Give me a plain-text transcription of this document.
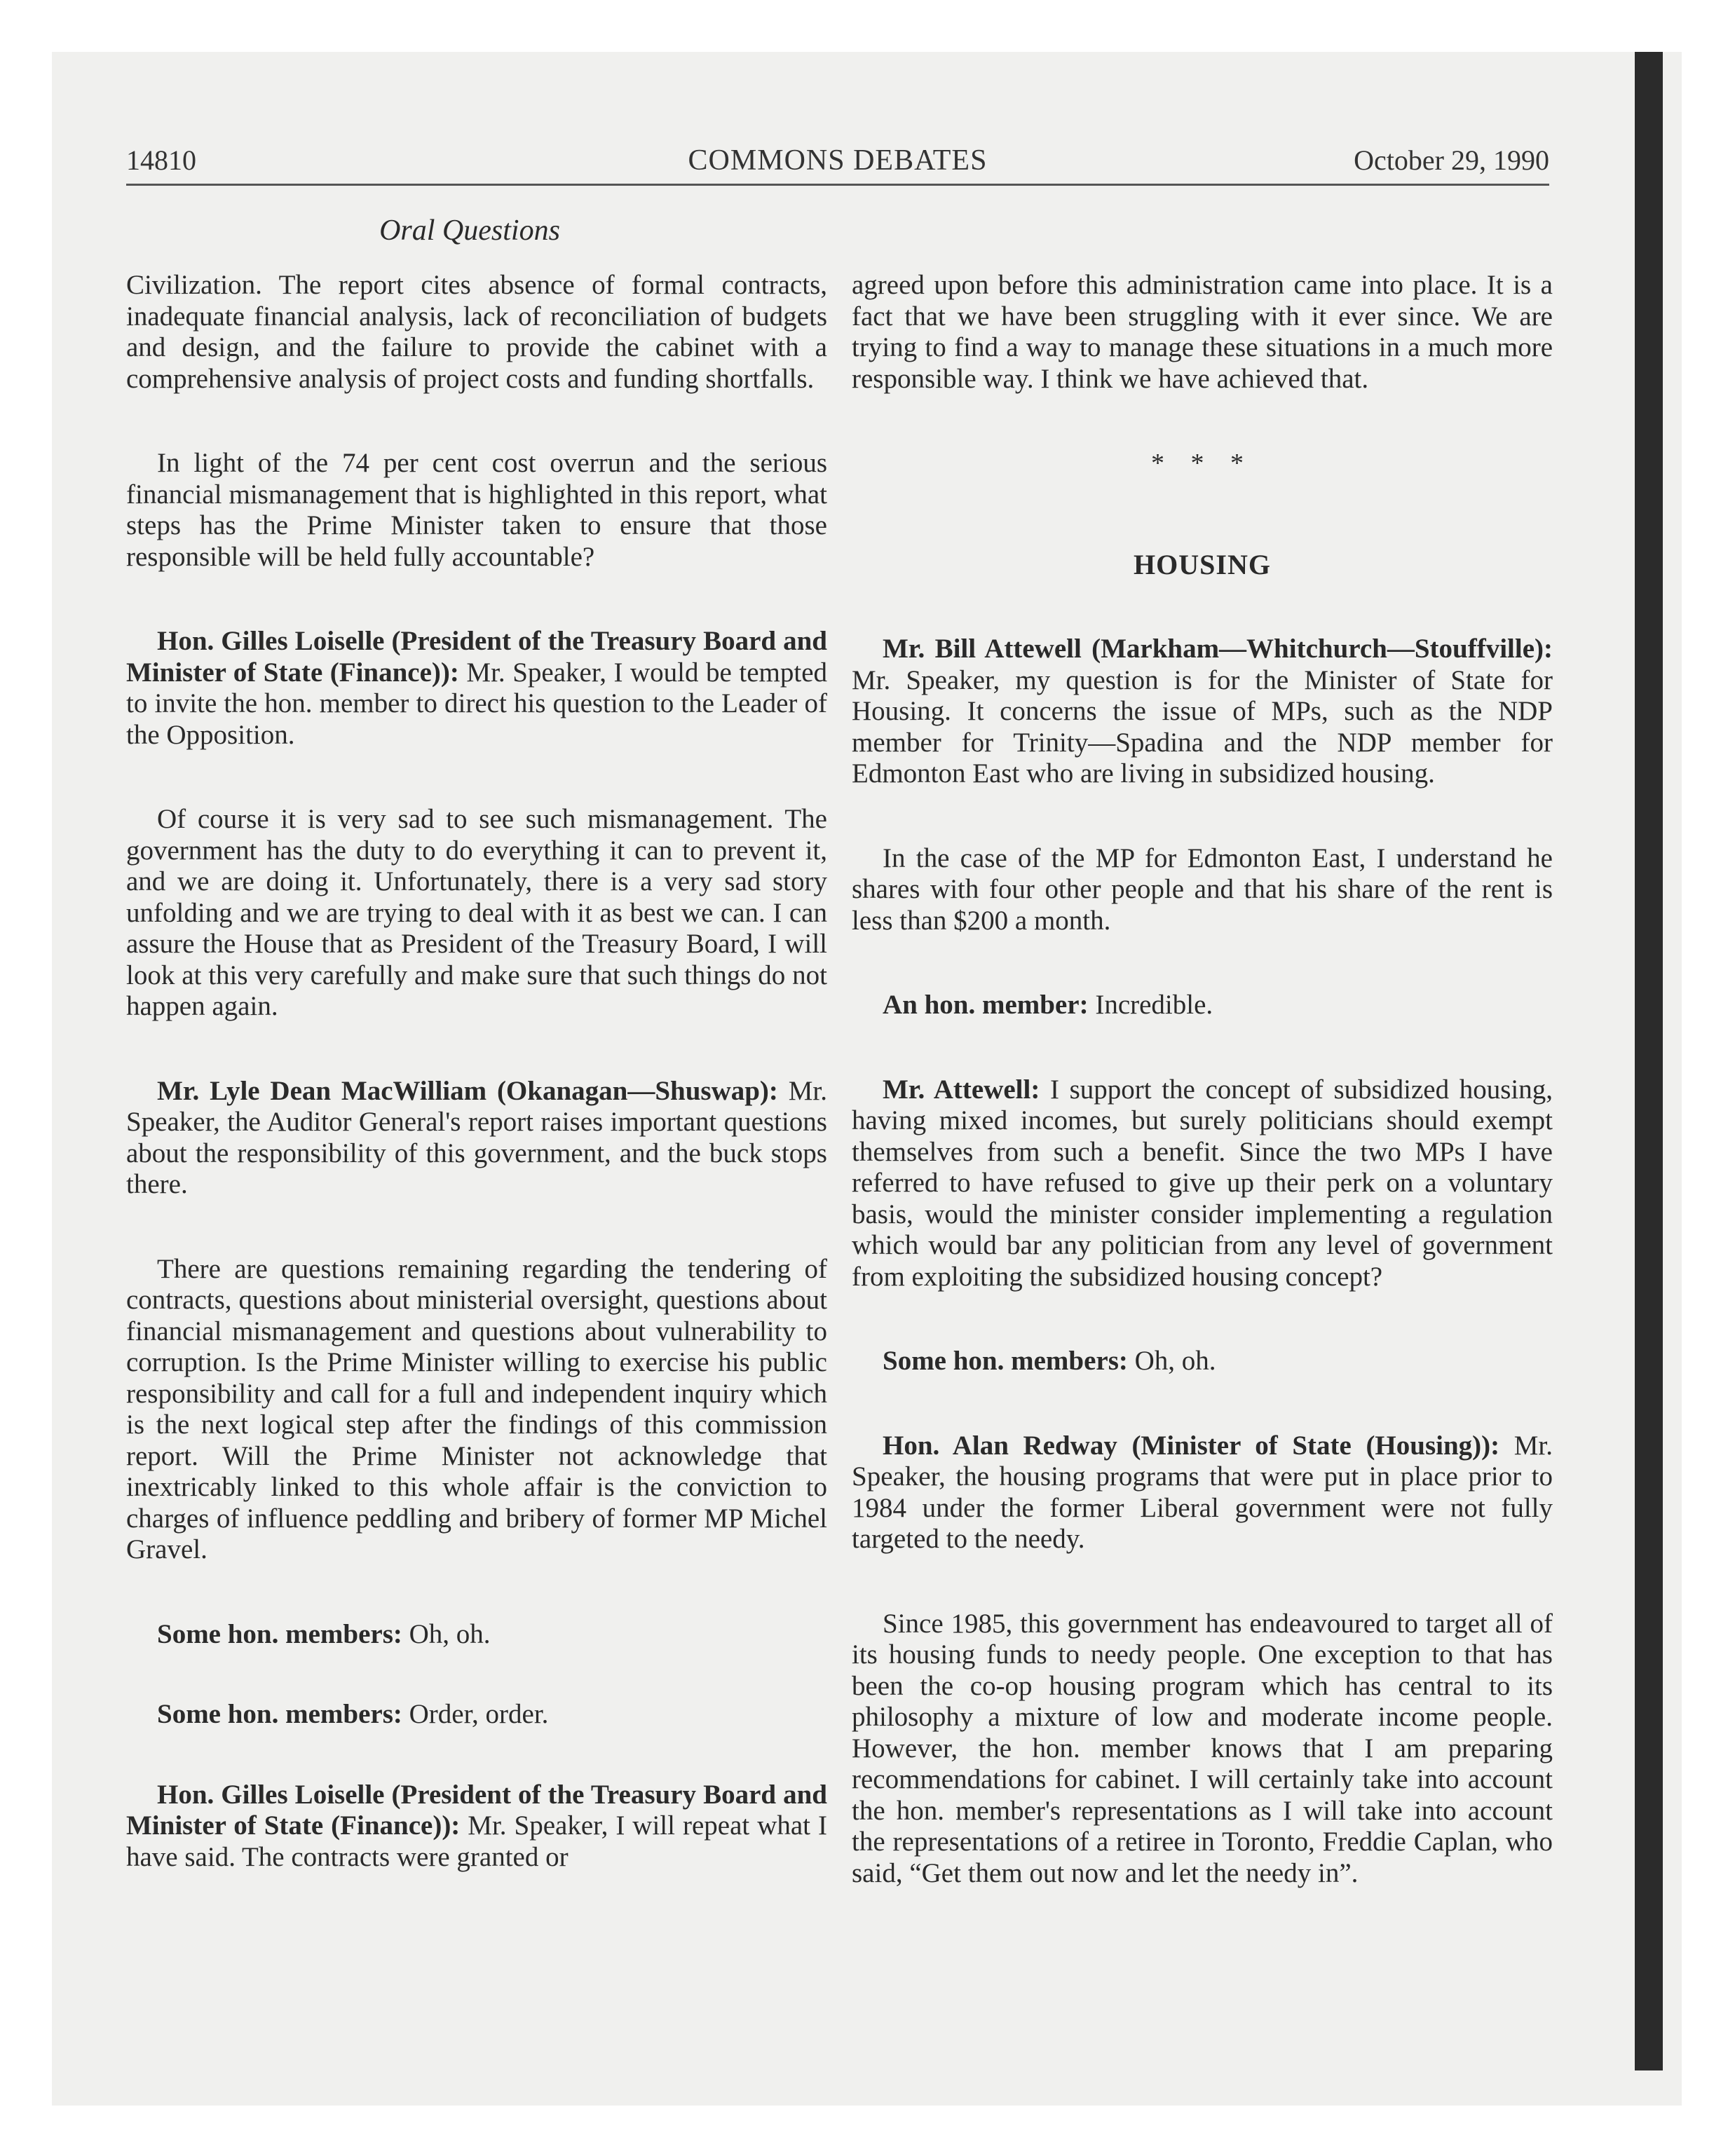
14810	COMMONS DEBATES	October 29, 1990
Oral Questions

Civilization. The report cites absence of formal contracts, inadequate financial analysis, lack of reconciliation of budgets and design, and the failure to provide the cabinet with a comprehensive analysis of project costs and funding shortfalls.

In light of the 74 per cent cost overrun and the serious financial mismanagement that is highlighted in this report, what steps has the Prime Minister taken to ensure that those responsible will be held fully accountable?

Hon. Gilles Loiselle (President of the Treasury Board and Minister of State (Finance)): Mr. Speaker, I would be tempted to invite the hon. member to direct his question to the Leader of the Opposition.

Of course it is very sad to see such mismanagement. The government has the duty to do everything it can to prevent it, and we are doing it. Unfortunately, there is a very sad story unfolding and we are trying to deal with it as best we can. I can assure the House that as President of the Treasury Board, I will look at this very carefully and make sure that such things do not happen again.

Mr. Lyle Dean MacWilliam (Okanagan—Shuswap): Mr. Speaker, the Auditor General's report raises important questions about the responsibility of this government, and the buck stops there.

There are questions remaining regarding the tendering of contracts, questions about ministerial oversight, questions about financial mismanagement and questions about vulnerability to corruption. Is the Prime Minister willing to exercise his public responsibility and call for a full and independent inquiry which is the next logical step after the findings of this commission report. Will the Prime Minister not acknowledge that inextricably linked to this whole affair is the conviction to charges of influence peddling and bribery of former MP Michel Gravel.

Some hon. members: Oh, oh.

Some hon. members: Order, order.

Hon. Gilles Loiselle (President of the Treasury Board and Minister of State (Finance)): Mr. Speaker, I will repeat what I have said. The contracts were granted or

agreed upon before this administration came into place. It is a fact that we have been struggling with it ever since. We are trying to find a way to manage these situations in a much more responsible way. I think we have achieved that.

* * *
HOUSING

Mr. Bill Attewell (Markham—Whitchurch—Stouffville): Mr. Speaker, my question is for the Minister of State for Housing. It concerns the issue of MPs, such as the NDP member for Trinity—Spadina and the NDP member for Edmonton East who are living in subsidized housing.

In the case of the MP for Edmonton East, I understand he shares with four other people and that his share of the rent is less than $200 a month.

An hon. member: Incredible.

Mr. Attewell: I support the concept of subsidized housing, having mixed incomes, but surely politicians should exempt themselves from such a benefit. Since the two MPs I have referred to have refused to give up their perk on a voluntary basis, would the minister consider implementing a regulation which would bar any politician from any level of government from exploiting the subsidized housing concept?

Some hon. members: Oh, oh.

Hon. Alan Redway (Minister of State (Housing)): Mr. Speaker, the housing programs that were put in place prior to 1984 under the former Liberal government were not fully targeted to the needy.

Since 1985, this government has endeavoured to target all of its housing funds to needy people. One exception to that has been the co-op housing program which has central to its philosophy a mixture of low and moderate income people. However, the hon. member knows that I am preparing recommendations for cabinet. I will certainly take into account the hon. member's representations as I will take into account the representations of a retiree in Toronto, Freddie Caplan, who said, “Get them out now and let the needy in”.
